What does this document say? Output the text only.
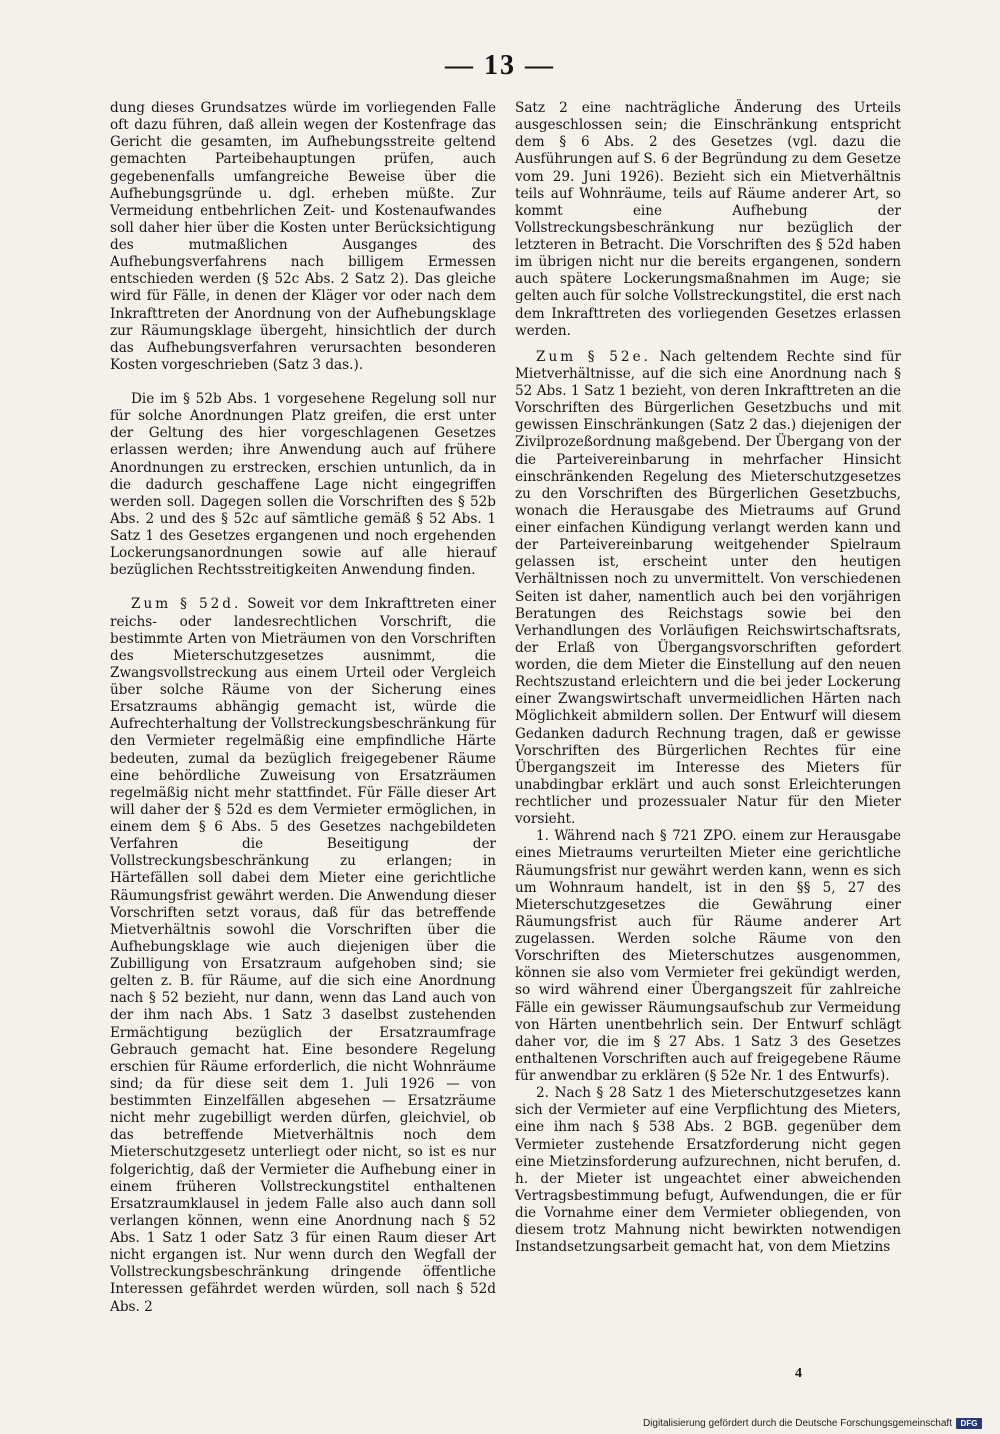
— 13 —

dung dieses Grundsatzes würde im vorliegenden Falle oft dazu führen, daß allein wegen der Kostenfrage das Gericht die gesamten, im Aufhebungsstreite geltend gemachten Parteibehauptungen prüfen, auch gegebenenfalls umfangreiche Beweise über die Aufhebungsgründe u. dgl. erheben müßte. Zur Vermeidung entbehrlichen Zeit- und Kostenaufwandes soll daher hier über die Kosten unter Berücksichtigung des mutmaßlichen Ausganges des Aufhebungsverfahrens nach billigem Ermessen entschieden werden (§ 52c Abs. 2 Satz 2). Das gleiche wird für Fälle, in denen der Kläger vor oder nach dem Inkrafttreten der Anordnung von der Aufhebungsklage zur Räumungsklage übergeht, hinsichtlich der durch das Aufhebungsverfahren verursachten besonderen Kosten vorgeschrieben (Satz 3 das.).

Die im § 52b Abs. 1 vorgesehene Regelung soll nur für solche Anordnungen Platz greifen, die erst unter der Geltung des hier vorgeschlagenen Gesetzes erlassen werden; ihre Anwendung auch auf frühere Anordnungen zu erstrecken, erschien untunlich, da in die dadurch geschaffene Lage nicht eingegriffen werden soll. Dagegen sollen die Vorschriften des § 52b Abs. 2 und des § 52c auf sämtliche gemäß § 52 Abs. 1 Satz 1 des Gesetzes ergangenen und noch ergehenden Lockerungsanordnungen sowie auf alle hierauf bezüglichen Rechtsstreitigkeiten Anwendung finden.

Zum § 52d. Soweit vor dem Inkrafttreten einer reichs- oder landesrechtlichen Vorschrift, die bestimmte Arten von Mieträumen von den Vorschriften des Mieterschutzgesetzes ausnimmt, die Zwangsvollstreckung aus einem Urteil oder Vergleich über solche Räume von der Sicherung eines Ersatzraums abhängig gemacht ist, würde die Aufrechterhaltung der Vollstreckungsbeschränkung für den Vermieter regelmäßig eine empfindliche Härte bedeuten, zumal da bezüglich freigegebener Räume eine behördliche Zuweisung von Ersatzräumen regelmäßig nicht mehr stattfindet. Für Fälle dieser Art will daher der § 52d es dem Vermieter ermöglichen, in einem dem § 6 Abs. 5 des Gesetzes nachgebildeten Verfahren die Beseitigung der Vollstreckungsbeschränkung zu erlangen; in Härtefällen soll dabei dem Mieter eine gerichtliche Räumungsfrist gewährt werden. Die Anwendung dieser Vorschriften setzt voraus, daß für das betreffende Mietverhältnis sowohl die Vorschriften über die Aufhebungsklage wie auch diejenigen über die Zubilligung von Ersatzraum aufgehoben sind; sie gelten z. B. für Räume, auf die sich eine Anordnung nach § 52 bezieht, nur dann, wenn das Land auch von der ihm nach Abs. 1 Satz 3 daselbst zustehenden Ermächtigung bezüglich der Ersatzraumfrage Gebrauch gemacht hat. Eine besondere Regelung erschien für Räume erforderlich, die nicht Wohnräume sind; da für diese seit dem 1. Juli 1926 — von bestimmten Einzelfällen abgesehen — Ersatzräume nicht mehr zugebilligt werden dürfen, gleichviel, ob das betreffende Mietverhältnis noch dem Mieterschutzgesetz unterliegt oder nicht, so ist es nur folgerichtig, daß der Vermieter die Aufhebung einer in einem früheren Vollstreckungstitel enthaltenen Ersatzraumklausel in jedem Falle also auch dann soll verlangen können, wenn eine Anordnung nach § 52 Abs. 1 Satz 1 oder Satz 3 für einen Raum dieser Art nicht ergangen ist. Nur wenn durch den Wegfall der Vollstreckungsbeschränkung dringende öffentliche Interessen gefährdet werden würden, soll nach § 52d Abs. 2

Satz 2 eine nachträgliche Änderung des Urteils ausgeschlossen sein; die Einschränkung entspricht dem § 6 Abs. 2 des Gesetzes (vgl. dazu die Ausführungen auf S. 6 der Begründung zu dem Gesetze vom 29. Juni 1926). Bezieht sich ein Mietverhältnis teils auf Wohnräume, teils auf Räume anderer Art, so kommt eine Aufhebung der Vollstreckungsbeschränkung nur bezüglich der letzteren in Betracht. Die Vorschriften des § 52d haben im übrigen nicht nur die bereits ergangenen, sondern auch spätere Lockerungsmaßnahmen im Auge; sie gelten auch für solche Vollstreckungstitel, die erst nach dem Inkrafttreten des vorliegenden Gesetzes erlassen werden.

Zum § 52e. Nach geltendem Rechte sind für Mietverhältnisse, auf die sich eine Anordnung nach § 52 Abs. 1 Satz 1 bezieht, von deren Inkrafttreten an die Vorschriften des Bürgerlichen Gesetzbuchs und mit gewissen Einschränkungen (Satz 2 das.) diejenigen der Zivilprozeßordnung maßgebend. Der Übergang von der die Parteivereinbarung in mehrfacher Hinsicht einschränkenden Regelung des Mieterschutzgesetzes zu den Vorschriften des Bürgerlichen Gesetzbuchs, wonach die Herausgabe des Mietraums auf Grund einer einfachen Kündigung verlangt werden kann und der Parteivereinbarung weitgehender Spielraum gelassen ist, erscheint unter den heutigen Verhältnissen noch zu unvermittelt. Von verschiedenen Seiten ist daher, namentlich auch bei den vorjährigen Beratungen des Reichstags sowie bei den Verhandlungen des Vorläufigen Reichswirtschaftsrats, der Erlaß von Übergangsvorschriften gefordert worden, die dem Mieter die Einstellung auf den neuen Rechtszustand erleichtern und die bei jeder Lockerung einer Zwangswirtschaft unvermeidlichen Härten nach Möglichkeit abmildern sollen. Der Entwurf will diesem Gedanken dadurch Rechnung tragen, daß er gewisse Vorschriften des Bürgerlichen Rechtes für eine Übergangszeit im Interesse des Mieters für unabdingbar erklärt und auch sonst Erleichterungen rechtlicher und prozessualer Natur für den Mieter vorsieht.

1. Während nach § 721 ZPO. einem zur Herausgabe eines Mietraums verurteilten Mieter eine gerichtliche Räumungsfrist nur gewährt werden kann, wenn es sich um Wohnraum handelt, ist in den §§ 5, 27 des Mieterschutzgesetzes die Gewährung einer Räumungsfrist auch für Räume anderer Art zugelassen. Werden solche Räume von den Vorschriften des Mieterschutzes ausgenommen, können sie also vom Vermieter frei gekündigt werden, so wird während einer Übergangszeit für zahlreiche Fälle ein gewisser Räumungsaufschub zur Vermeidung von Härten unentbehrlich sein. Der Entwurf schlägt daher vor, die im § 27 Abs. 1 Satz 3 des Gesetzes enthaltenen Vorschriften auch auf freigegebene Räume für anwendbar zu erklären (§ 52e Nr. 1 des Entwurfs).

2. Nach § 28 Satz 1 des Mieterschutzgesetzes kann sich der Vermieter auf eine Verpflichtung des Mieters, eine ihm nach § 538 Abs. 2 BGB. gegenüber dem Vermieter zustehende Ersatzforderung nicht gegen eine Mietzinsforderung aufzurechnen, nicht berufen, d. h. der Mieter ist ungeachtet einer abweichenden Vertragsbestimmung befugt, Aufwendungen, die er für die Vornahme einer dem Vermieter obliegenden, von diesem trotz Mahnung nicht bewirkten notwendigen Instandsetzungsarbeit gemacht hat, von dem Mietzins

4
Digitalisierung gefördert durch die Deutsche Forschungsgemeinschaft	DFG
